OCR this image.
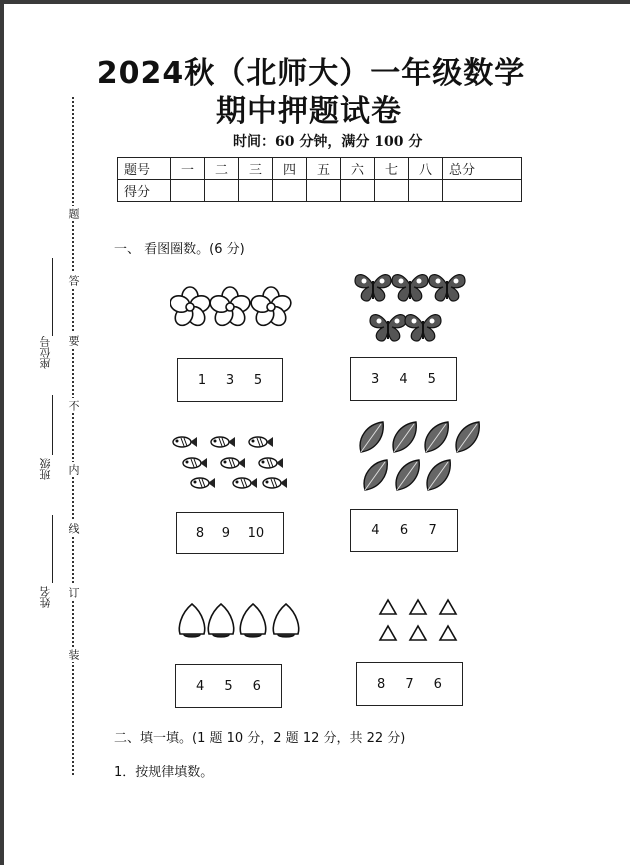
2024秋（北师大）一年级数学
期中押题试卷
时间：60 分钟，满分 100 分
题号	一	二	三	四	五	六	七	八	总分
得分									
题
答
要
不
内
线
订
装
座位号
班级
姓名
一、 看图圈数。(6 分)
1 3 5	3 4 5
8 9 10	4 6 7
4 5 6	8 7 6
二、填一填。(1 题 10 分，2 题 12 分，共 22 分)
1．按规律填数。
